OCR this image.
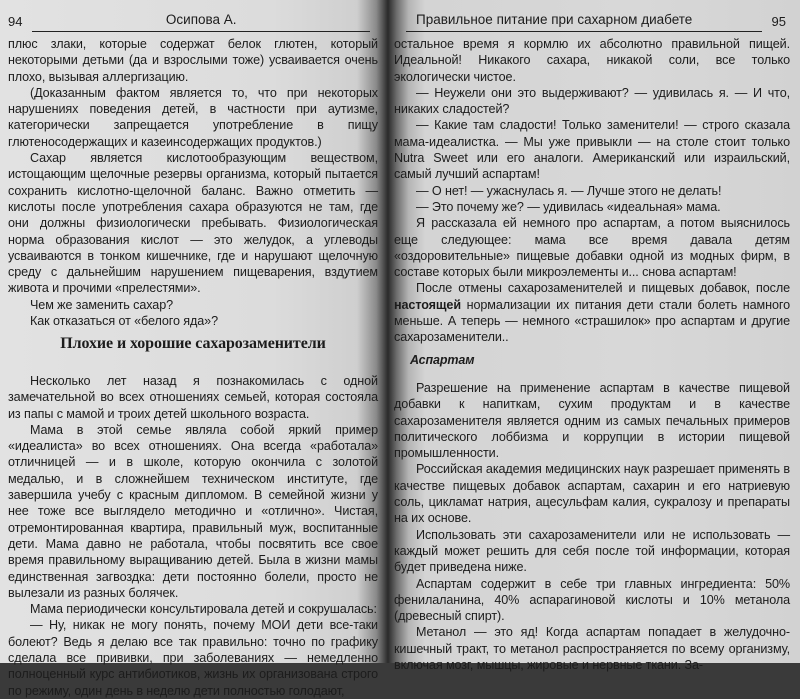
94	Осипова А.

плюс злаки, которые содержат белок глютен, который некоторыми детьми (да и взрослыми тоже) усваивается очень плохо, вызывая аллергизацию.

(Доказанным фактом является то, что при некоторых нарушениях поведения детей, в частности при аутизме, категорически запрещается употребление в пищу глютеносодержащих и казеинсодержащих продуктов.)

Сахар является кислотообразующим веществом, истощающим щелочные резервы организма, который пытается сохранить кислотно-щелочной баланс. Важно отметить — кислоты после употребления сахара образуются не там, где они должны физиологически пребывать. Физиологическая норма образования кислот — это желудок, а углеводы усваиваются в тонком кишечнике, где и нарушают щелочную среду с дальнейшим нарушением пищеварения, вздутием живота и прочими «прелестями».

Чем же заменить сахар?

Как отказаться от «белого яда»?

Плохие и хорошие сахарозаменители

Несколько лет назад я познакомилась с одной замечательной во всех отношениях семьей, которая состояла из папы с мамой и троих детей школьного возраста.

Мама в этой семье являла собой яркий пример «идеалиста» во всех отношениях. Она всегда «работала» отличницей — и в школе, которую окончила с золотой медалью, и в сложнейшем техническом институте, где завершила учебу с красным дипломом. В семейной жизни у нее тоже все выглядело методично и «отлично». Чистая, отремонтированная квартира, правильный муж, воспитанные дети. Мама давно не работала, чтобы посвятить все свое время правильному выращиванию детей. Была в жизни мамы единственная загвоздка: дети постоянно болели, просто не вылезали из разных болячек.

Мама периодически консультировала детей и сокрушалась:

— Ну, никак не могу понять, почему МОИ дети все-таки болеют? Ведь я делаю все так правильно: точно по графику сделала все прививки, при заболеваниях — немедленно полноценный курс антибиотиков, жизнь их организована строго по режиму, один день в неделю дети полностью голодают,

Правильное питание при сахарном диабете	95

остальное время я кормлю их абсолютно правильной пищей. Идеальной! Никакого сахара, никакой соли, все только экологически чистое.

— Неужели они это выдерживают? — удивилась я. — И что, никаких сладостей?

— Какие там сладости! Только заменители! — строго сказала мама-идеалистка. — Мы уже привыкли — на столе стоит только Nutra Sweet или его аналоги. Американский или израильский, самый лучший аспартам!

— О нет! — ужаснулась я. — Лучше этого не делать!

— Это почему же? — удивилась «идеальная» мама.

Я рассказала ей немного про аспартам, а потом выяснилось еще следующее: мама все время давала детям «оздоровительные» пищевые добавки одной из модных фирм, в составе которых были микроэлементы и... снова аспартам!

После отмены сахарозаменителей и пищевых добавок, после настоящей нормализации их питания дети стали болеть намного меньше. А теперь — немного «страшилок» про аспартам и другие сахарозаменители..

Аспартам

Разрешение на применение аспартам в качестве пищевой добавки к напиткам, сухим продуктам и в качестве сахарозаменителя является одним из самых печальных примеров политического лоббизма и коррупции в истории пищевой промышленности.

Российская академия медицинских наук разрешает применять в качестве пищевых добавок аспартам, сахарин и его натриевую соль, цикламат натрия, ацесульфам калия, сукралозу и препараты на их основе.

Использовать эти сахарозаменители или не использовать — каждый может решить для себя после той информации, которая будет приведена ниже.

Аспартам содержит в себе три главных ингредиента: 50% фенилаланина, 40% аспарагиновой кислоты и 10% метанола (древесный спирт).

Метанол — это яд! Когда аспартам попадает в желудочно-кишечный тракт, то метанол распространяется по всему организму, включая мозг, мышцы, жировые и нервные ткани. За-
